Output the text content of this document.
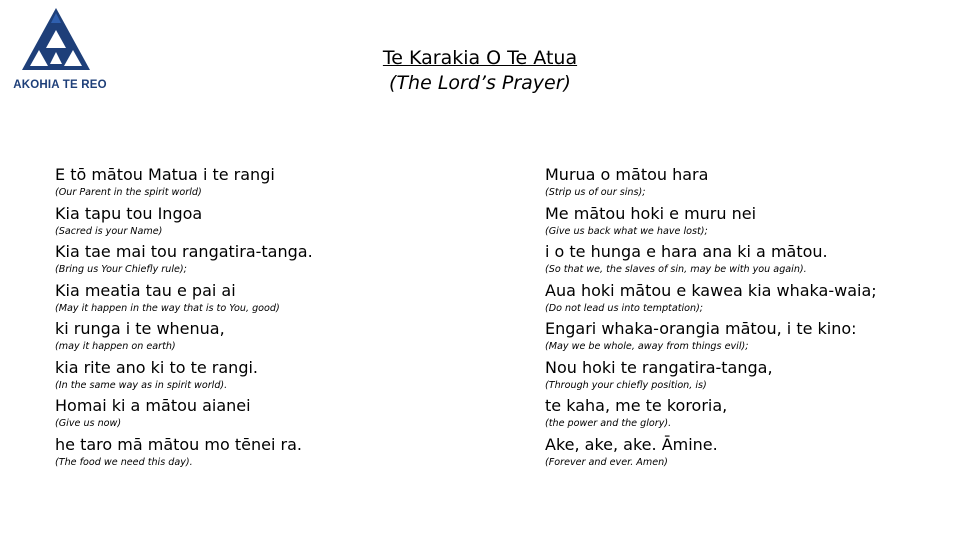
AKOHIA TE REO
Te Karakia O Te Atua
(The Lord’s Prayer)
E tō mātou Matua i te rangi
(Our Parent in the spirit world)
Kia tapu tou Ingoa
(Sacred is your Name)
Kia tae mai tou rangatira-tanga.
(Bring us Your Chiefly rule);
Kia meatia tau e pai ai
(May it happen in the way that is to You, good)
ki runga i te whenua,
(may it happen on earth)
kia rite ano ki to te rangi.
(In the same way as in spirit world).
Homai ki a mātou aianei
(Give us now)
he taro mā mātou mo tēnei ra.
(The food we need this day).
Murua o mātou hara
(Strip us of our sins);
Me mātou hoki e muru nei
(Give us back what we have lost);
i o te hunga e hara ana ki a mātou.
(So that we, the slaves of sin, may be with you again).
Aua hoki mātou e kawea kia whaka-waia;
(Do not lead us into temptation);
Engari whaka-orangia mātou, i te kino:
(May we be whole, away from things evil);
Nou hoki te rangatira-tanga,
(Through your chiefly position, is)
te kaha, me te kororia,
(the power and the glory).
Ake, ake, ake. Āmine.
(Forever and ever. Amen)
